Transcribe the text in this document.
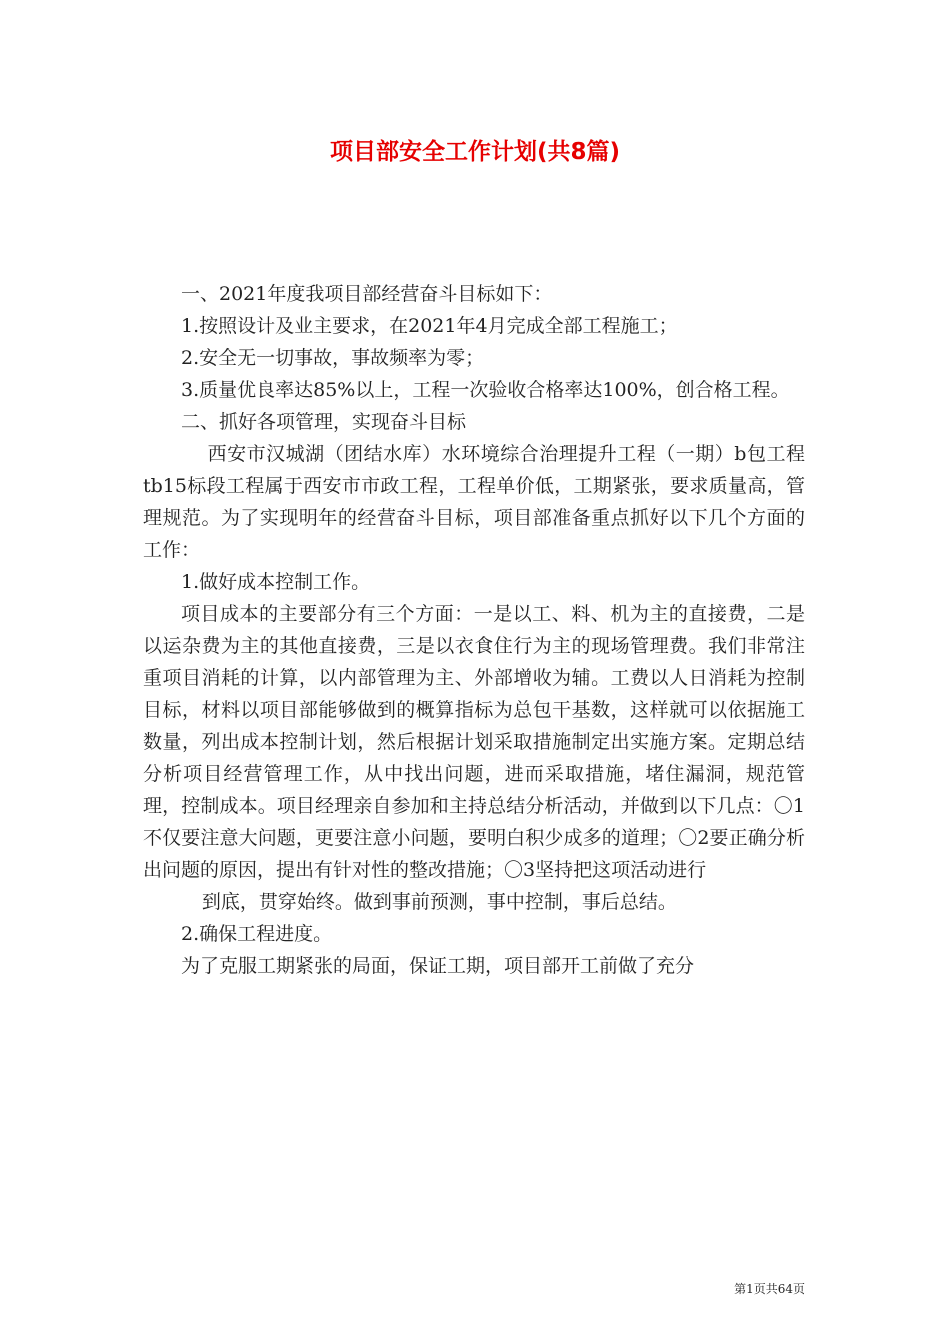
项目部安全工作计划(共8篇)

一、2021年度我项目部经营奋斗目标如下：

1.按照设计及业主要求，在2021年4月完成全部工程施工；

2.安全无一切事故，事故频率为零；

3.质量优良率达85%以上，工程一次验收合格率达100%，创合格工程。

二、抓好各项管理，实现奋斗目标

西安市汉城湖（团结水库）水环境综合治理提升工程（一期）b包工程tb15标段工程属于西安市市政工程，工程单价低，工期紧张，要求质量高，管理规范。为了实现明年的经营奋斗目标，项目部准备重点抓好以下几个方面的工作：

1.做好成本控制工作。

项目成本的主要部分有三个方面：一是以工、料、机为主的直接费，二是以运杂费为主的其他直接费，三是以衣食住行为主的现场管理费。我们非常注重项目消耗的计算，以内部管理为主、外部增收为辅。工费以人日消耗为控制目标，材料以项目部能够做到的概算指标为总包干基数，这样就可以依据施工数量，列出成本控制计划，然后根据计划采取措施制定出实施方案。定期总结分析项目经营管理工作，从中找出问题，进而采取措施，堵住漏洞，规范管理，控制成本。项目经理亲自参加和主持总结分析活动，并做到以下几点：〇1不仅要注意大问题，更要注意小问题，要明白积少成多的道理；〇2要正确分析出问题的原因，提出有针对性的整改措施；〇3坚持把这项活动进行

到底，贯穿始终。做到事前预测，事中控制，事后总结。

2.确保工程进度。

为了克服工期紧张的局面，保证工期，项目部开工前做了充分

第1页共64页
